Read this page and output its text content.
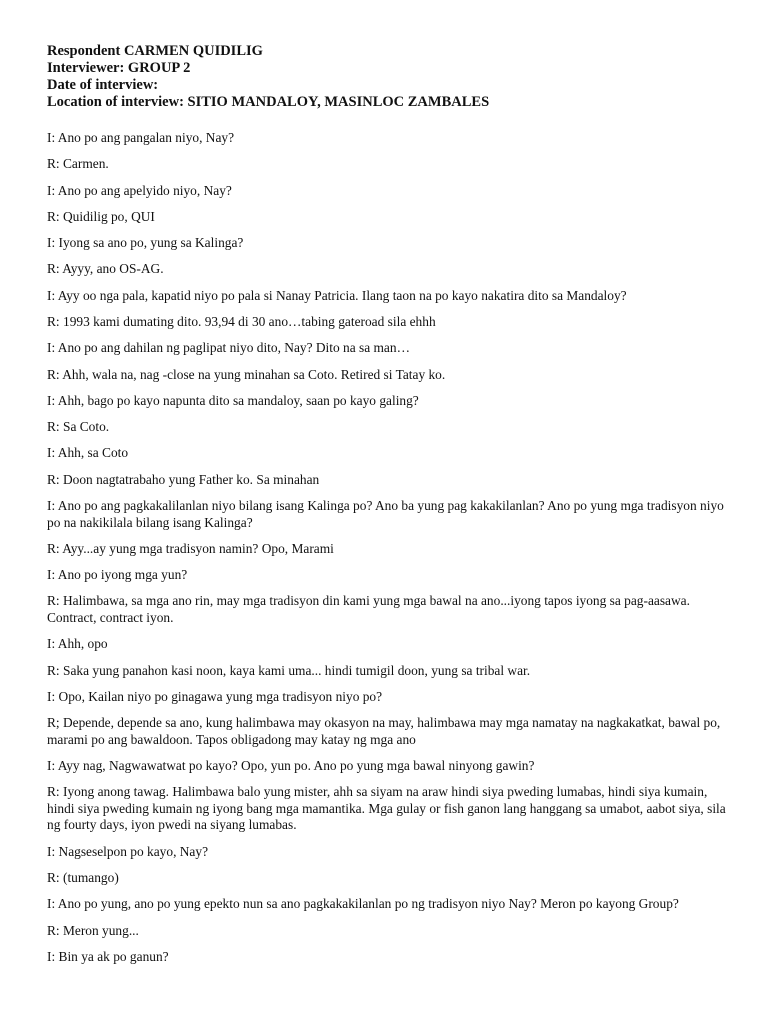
Respondent CARMEN QUIDILIG
Interviewer: GROUP 2
Date of interview:
Location of interview: SITIO MANDALOY, MASINLOC ZAMBALES

I: Ano po ang pangalan niyo, Nay?

R: Carmen.

I: Ano po ang apelyido niyo, Nay?

R: Quidilig po, QUI

I: Iyong sa ano po, yung sa Kalinga?

R: Ayyy, ano OS-AG.

I: Ayy oo nga pala, kapatid niyo po pala si Nanay Patricia. Ilang taon na po kayo nakatira dito sa Mandaloy?

R: 1993 kami dumating dito. 93,94 di 30 ano…tabing gateroad sila ehhh

I: Ano po ang dahilan ng paglipat niyo dito, Nay? Dito na sa man…

R: Ahh, wala na, nag -close na yung minahan sa Coto. Retired si Tatay ko.

I: Ahh, bago po kayo napunta dito sa mandaloy, saan po kayo galing?

R: Sa Coto.

I: Ahh, sa Coto

R: Doon nagtatrabaho yung Father ko. Sa minahan

I: Ano po ang pagkakalilanlan niyo bilang isang Kalinga po? Ano ba yung pag kakakilanlan? Ano po yung mga tradisyon niyo po na nakikilala bilang isang Kalinga?

R: Ayy...ay yung mga tradisyon namin? Opo, Marami

I: Ano po iyong mga yun?

R: Halimbawa, sa mga ano rin, may mga tradisyon din kami yung mga bawal na ano...iyong tapos iyong sa pag-aasawa. Contract, contract iyon.

I: Ahh, opo

R: Saka yung panahon kasi noon, kaya kami uma... hindi tumigil doon, yung sa tribal war.

I: Opo, Kailan niyo po ginagawa yung mga tradisyon niyo po?

R; Depende, depende sa ano, kung halimbawa may okasyon na may, halimbawa may mga namatay na nagkakatkat, bawal po, marami po ang bawaldoon. Tapos obligadong may katay ng mga ano

I: Ayy nag, Nagwawatwat po kayo? Opo, yun po. Ano po yung mga bawal ninyong gawin?

R: Iyong anong tawag. Halimbawa balo yung mister, ahh sa siyam na araw hindi siya pweding lumabas, hindi siya kumain, hindi siya pweding kumain ng iyong bang mga mamantika. Mga gulay or fish ganon lang hanggang sa umabot, aabot siya, sila ng fourty days, iyon pwedi na siyang lumabas.

I: Nagseselpon po kayo, Nay?

R: (tumango)

I: Ano po yung, ano po yung epekto nun sa ano pagkakakilanlan po ng tradisyon niyo Nay? Meron po kayong Group?

R: Meron yung...

I: Bin ya ak po ganun?
